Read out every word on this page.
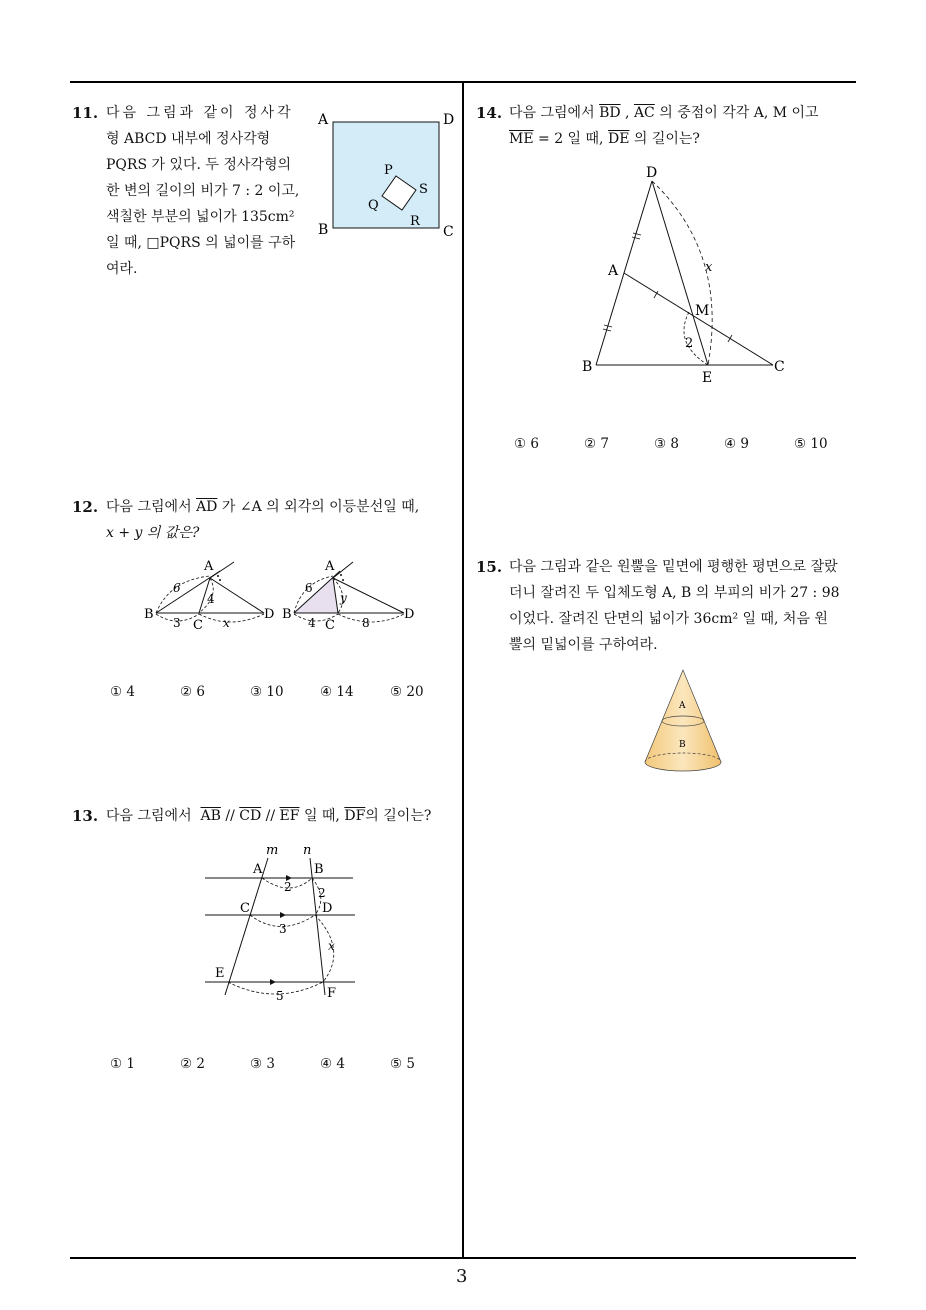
11. 다음 그림과 같이 정사각
형 ABCD 내부에 정사각형
PQRS 가 있다. 두 정사각형의
한 변의 길이의 비가 7 : 2 이고,
색칠한 부분의 넓이가 135cm²
일 때, □PQRS 의 넓이를 구하
여라.
A	D
B	C
P
S
Q
R
12. 다음 그림에서 $\overline{AD}$ 가 ∠A 의 외각의 이등분선일 때,
x + y 의 값은?
A
B
C
D
6
4
3	x
A
B
C
D
6
y
4	8
① 4	② 6	③ 10	④ 14	⑤ 20
13. 다음 그림에서 $\overline{AB} // \overline{CD} // \overline{EF}$ 일 때, $\overline{DF}$의 길이는?
m n
A	B
C	D
E
F
2 2
3
x
5
① 1	② 2	③ 3	④ 4	⑤ 5
14. 다음 그림에서 $\overline{BD}$ , $\overline{AC}$ 의 중점이 각각 A, M 이고
$\overline{ME} = 2$ 일 때, $\overline{DE}$ 의 길이는?
D
A
M
B
E
C
x
2
① 6	② 7	③ 8	④ 9	⑤ 10
15. 다음 그림과 같은 원뿔을 밑면에 평행한 평면으로 잘랐
더니 잘려진 두 입체도형 A, B 의 부피의 비가 27 : 98
이었다. 잘려진 단면의 넓이가 36cm² 일 때, 처음 원
뿔의 밑넓이를 구하여라.
A
B
3
